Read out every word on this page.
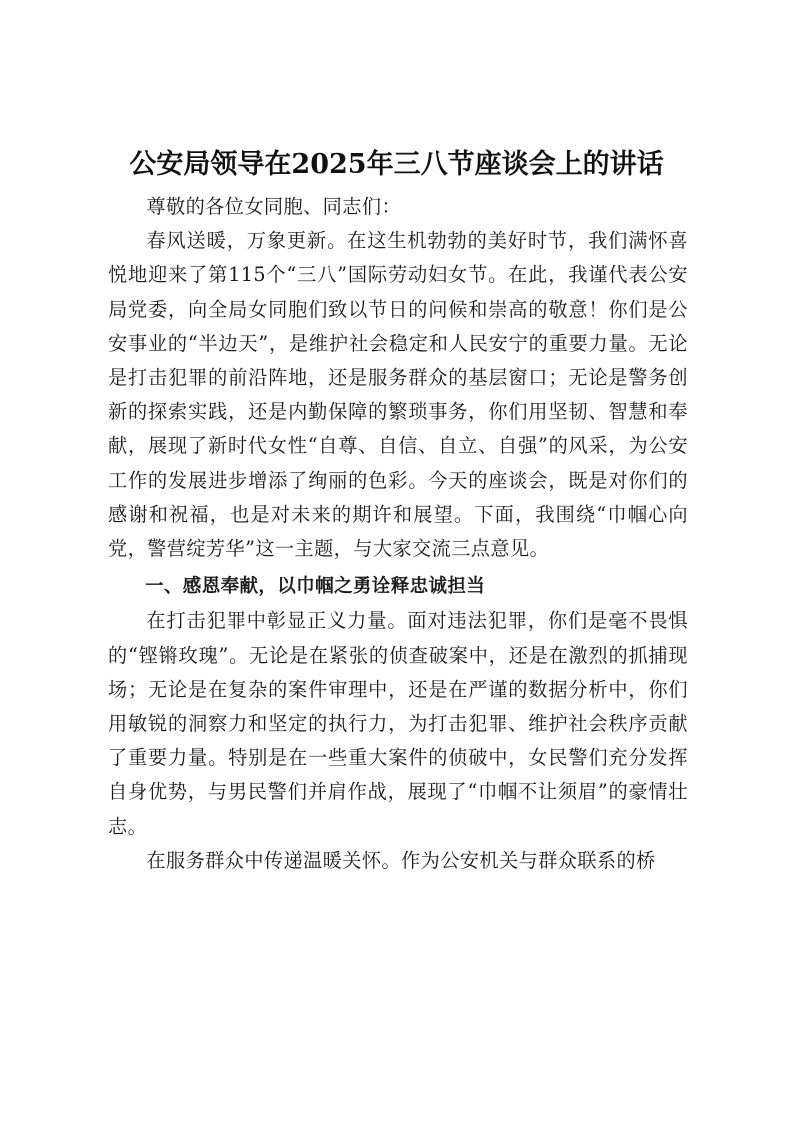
公安局领导在2025年三八节座谈会上的讲话

尊敬的各位女同胞、同志们：

春风送暖，万象更新。在这生机勃勃的美好时节，我们满怀喜悦地迎来了第115个“三八”国际劳动妇女节。在此，我谨代表公安局党委，向全局女同胞们致以节日的问候和崇高的敬意！你们是公安事业的“半边天”，是维护社会稳定和人民安宁的重要力量。无论是打击犯罪的前沿阵地，还是服务群众的基层窗口；无论是警务创新的探索实践，还是内勤保障的繁琐事务，你们用坚韧、智慧和奉献，展现了新时代女性“自尊、自信、自立、自强”的风采，为公安工作的发展进步增添了绚丽的色彩。今天的座谈会，既是对你们的感谢和祝福，也是对未来的期许和展望。下面，我围绕“巾帼心向党，警营绽芳华”这一主题，与大家交流三点意见。

一、感恩奉献，以巾帼之勇诠释忠诚担当

在打击犯罪中彰显正义力量。面对违法犯罪，你们是毫不畏惧的“铿锵玫瑰”。无论是在紧张的侦查破案中，还是在激烈的抓捕现场；无论是在复杂的案件审理中，还是在严谨的数据分析中，你们用敏锐的洞察力和坚定的执行力，为打击犯罪、维护社会秩序贡献了重要力量。特别是在一些重大案件的侦破中，女民警们充分发挥自身优势，与男民警们并肩作战，展现了“巾帼不让须眉”的豪情壮志。

在服务群众中传递温暖关怀。作为公安机关与群众联系的桥
